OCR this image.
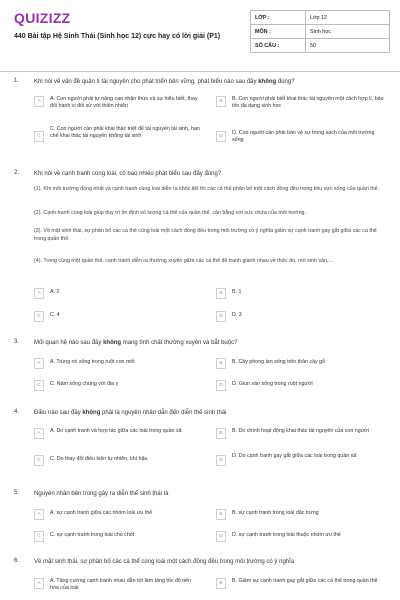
QUIZIZZ
440 Bài tập Hệ Sinh Thái (Sinh học 12) cực hay có lời giải (P1)
LỚP :	Lớp 12
MÔN :	Sinh học
SỐ CÂU :	50
1. Khi nói về vấn đề quản lí tài nguyên cho phát triển bền vững, phát biểu nào sau đây không đúng?
A	A. Con người phải tự nâng cao nhận thức và sự hiểu biết, thay đổi hành vi đối xử với thiên nhiên
B	B. Con người phải biết khai thác tài nguyên một cách hợp lí, bảo tồn đa dạng sinh học
C
C. Con người cần phải khai thác triệt để tài nguyên tái sinh, hạn chế khai thác tài nguyên không tái sinh	D
D. Con người cần phải bảo vệ sự trong sạch của môi trường sống
2. Khi nói về cạnh tranh cùng loài, có bao nhiêu phát biểu sau đây đúng?
(1). Khi môi trường đồng nhất và cạnh tranh cùng loài diễn ra khốc liệt thì các cá thể phân bố một cách đồng đều trong khu vực sống của quần thể.
(2). Cạnh tranh cùng loài giúp duy trì ổn định số lượng cá thể của quần thể, cân bằng với sức chứa của môi trường.
(3). Về mặt sinh thái, sự phân bố các cá thể cùng loài một cách đồng đều trong môi trường có ý nghĩa giảm sự cạnh tranh gay gắt giữa các cá thể trong quần thể.
(4). Trong cùng một quần thể, cạnh tranh diễn ra thường xuyên giữa các cá thể để tranh giành nhau về thức ăn, nơi sinh sản,...
A	A. 2	B	B. 1
C	C. 4	D	D. 3
3. Mối quan hệ nào sau đây không mang tính chất thường xuyên và bắt buộc?
A	A. Trùng roi sống trong ruột con mối	B	B. Cây phong lan sống trên thân cây gỗ
C	C. Nấm sống chung với địa y	D	D. Giun sán sống trong ruột người
4. Điều nào sau đây không phải là nguyên nhân dẫn đến diễn thế sinh thái
A	A. Do cạnh tranh và hợp tác giữa các loài trong quần xã	B	B. Do chính hoạt động khai thác tài nguyên của con người
C	C. Do thay đổi điều kiện tự nhiên, khí hậu	D
D. Do cạnh tranh gay gắt giữa các loài trong quần xã
5. Nguyên nhân bên trong gây ra diễn thế sinh thái là
A	A. sự cạnh tranh giữa các nhóm loài ưu thế	B	B. sự cạnh tranh trong loài đặc trưng
C	C. sự cạnh tranh trong loài chủ chốt	D	D. sự cạnh tranh trong loài thuộc nhóm ưu thế
6. Về mặt sinh thái, sự phân bố các cá thể cùng loài một cách đồng đều trong môi trường có ý nghĩa
A	A. Tăng cường cạnh tranh nhau dẫn tới làm tăng tốc độ tiến hóa của loài
B	B. Giảm sự cạnh tranh gay gắt giữa các cá thể trong quần thể
